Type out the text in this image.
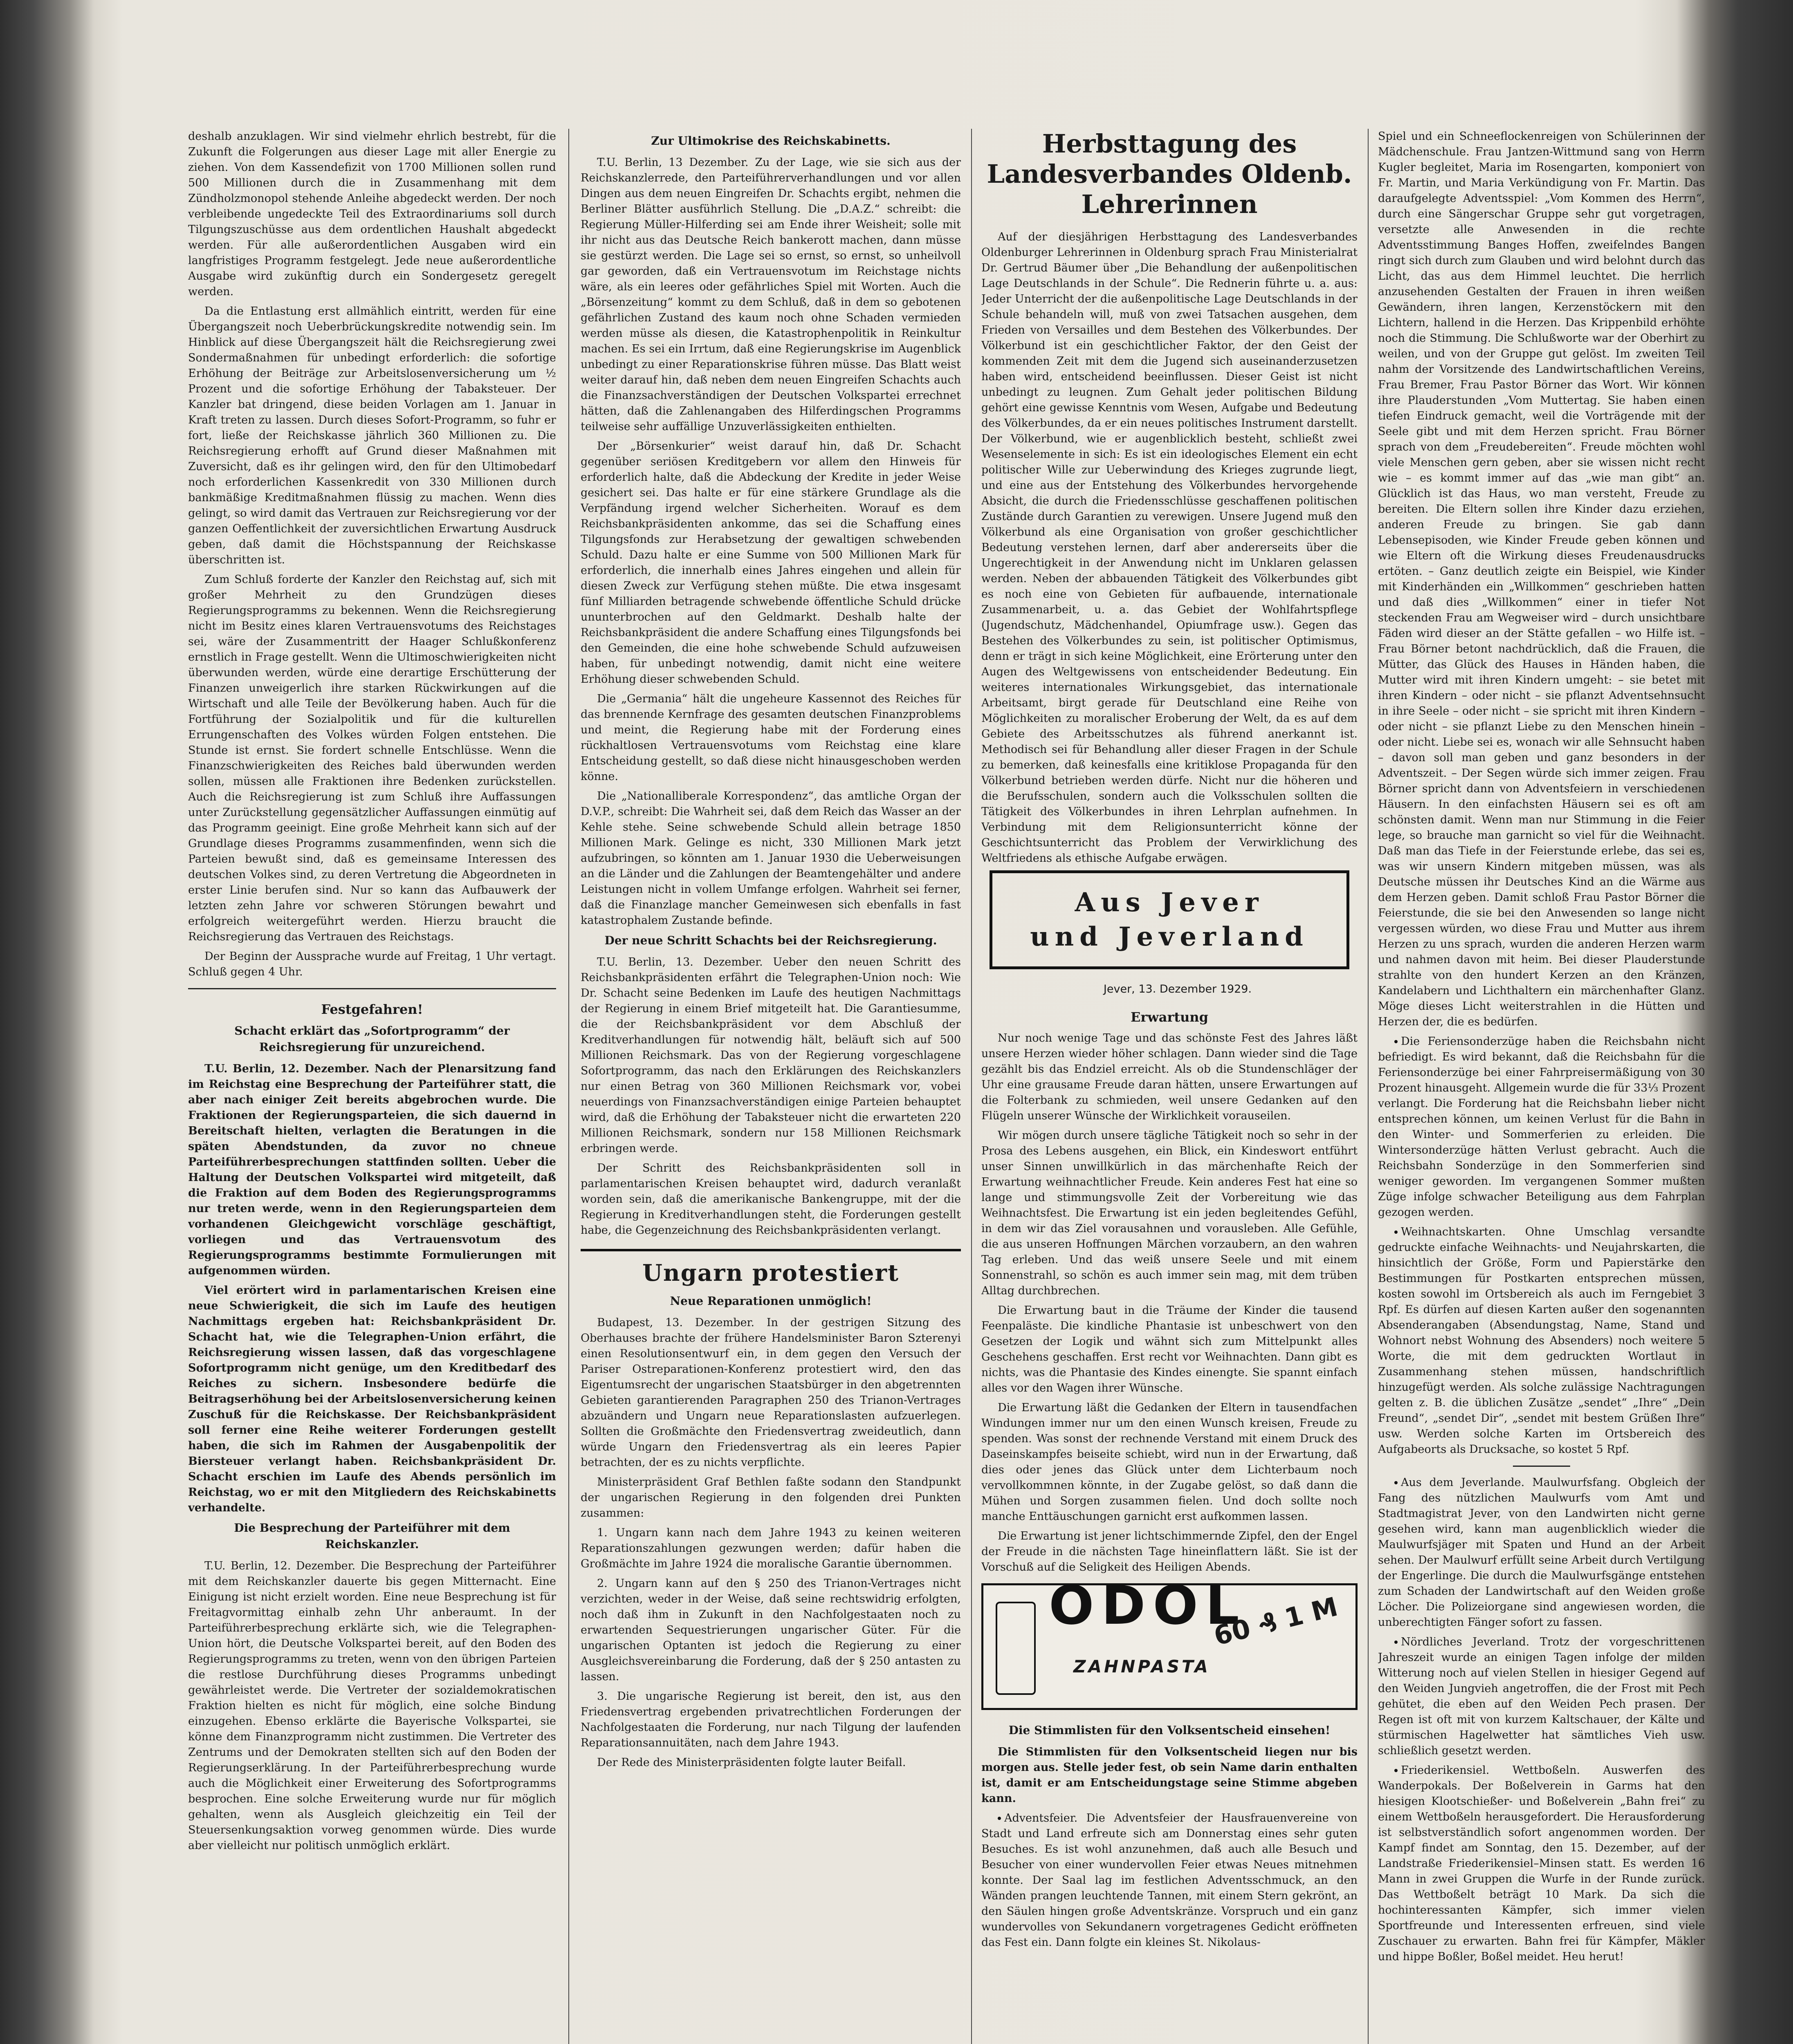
deshalb anzuklagen. Wir sind vielmehr ehrlich bestrebt, für die Zukunft die Folgerungen aus dieser Lage mit aller Energie zu ziehen. Von dem Kassendefizit von 1700 Millionen sollen rund 500 Millionen durch die in Zusammenhang mit dem Zündholzmonopol stehende Anleihe abgedeckt werden. Der noch verbleibende ungedeckte Teil des Extraordinariums soll durch Tilgungszuschüsse aus dem ordentlichen Haushalt abgedeckt werden. Für alle außerordentlichen Ausgaben wird ein langfristiges Programm festgelegt. Jede neue außerordentliche Ausgabe wird zukünftig durch ein Sondergesetz geregelt werden.

Da die Entlastung erst allmählich eintritt, werden für eine Übergangszeit noch Ueberbrückungskredite notwendig sein. Im Hinblick auf diese Übergangszeit hält die Reichsregierung zwei Sondermaßnahmen für unbedingt erforderlich: die sofortige Erhöhung der Beiträge zur Arbeitslosenversicherung um ½ Prozent und die sofortige Erhöhung der Tabaksteuer. Der Kanzler bat dringend, diese beiden Vorlagen am 1. Januar in Kraft treten zu lassen. Durch dieses Sofort-Programm, so fuhr er fort, ließe der Reichskasse jährlich 360 Millionen zu. Die Reichsregierung erhofft auf Grund dieser Maßnahmen mit Zuversicht, daß es ihr gelingen wird, den für den Ultimobedarf noch erforderlichen Kassenkredit von 330 Millionen durch bankmäßige Kreditmaßnahmen flüssig zu machen. Wenn dies gelingt, so wird damit das Vertrauen zur Reichsregierung vor der ganzen Oeffentlichkeit der zuversichtlichen Erwartung Ausdruck geben, daß damit die Höchstspannung der Reichskasse überschritten ist.

Zum Schluß forderte der Kanzler den Reichstag auf, sich mit großer Mehrheit zu den Grundzügen dieses Regierungsprogramms zu bekennen. Wenn die Reichsregierung nicht im Besitz eines klaren Vertrauensvotums des Reichstages sei, wäre der Zusammentritt der Haager Schlußkonferenz ernstlich in Frage gestellt. Wenn die Ultimoschwierigkeiten nicht überwunden werden, würde eine derartige Erschütterung der Finanzen unweigerlich ihre starken Rückwirkungen auf die Wirtschaft und alle Teile der Bevölkerung haben. Auch für die Fortführung der Sozialpolitik und für die kulturellen Errungenschaften des Volkes würden Folgen entstehen. Die Stunde ist ernst. Sie fordert schnelle Entschlüsse. Wenn die Finanzschwierigkeiten des Reiches bald überwunden werden sollen, müssen alle Fraktionen ihre Bedenken zurückstellen. Auch die Reichsregierung ist zum Schluß ihre Auffassungen unter Zurückstellung gegensätzlicher Auffassungen einmütig auf das Programm geeinigt. Eine große Mehrheit kann sich auf der Grundlage dieses Programms zusammenfinden, wenn sich die Parteien bewußt sind, daß es gemeinsame Interessen des deutschen Volkes sind, zu deren Vertretung die Abgeordneten in erster Linie berufen sind. Nur so kann das Aufbauwerk der letzten zehn Jahre vor schweren Störungen bewahrt und erfolgreich weitergeführt werden. Hierzu braucht die Reichsregierung das Vertrauen des Reichstags.

Der Beginn der Aussprache wurde auf Freitag, 1 Uhr vertagt. Schluß gegen 4 Uhr.

Festgefahren!
Schacht erklärt das „Sofortprogramm“ der Reichsregierung für unzureichend.

T.U. Berlin, 12. Dezember. Nach der Plenarsitzung fand im Reichstag eine Besprechung der Parteiführer statt, die aber nach einiger Zeit bereits abgebrochen wurde. Die Fraktionen der Regierungsparteien, die sich dauernd in Bereitschaft hielten, verlagten die Beratungen in die späten Abendstunden, da zuvor no chneue Parteiführerbesprechungen stattfinden sollten. Ueber die Haltung der Deutschen Volkspartei wird mitgeteilt, daß die Fraktion auf dem Boden des Regierungsprogramms nur treten werde, wenn in den Regierungsparteien dem vorhandenen Gleichgewicht vorschläge geschäftigt, vorliegen und das Vertrauensvotum des Regierungsprogramms bestimmte Formulierungen mit aufgenommen würden.

Viel erörtert wird in parlamentarischen Kreisen eine neue Schwierigkeit, die sich im Laufe des heutigen Nachmittags ergeben hat: Reichsbankpräsident Dr. Schacht hat, wie die Telegraphen-Union erfährt, die Reichsregierung wissen lassen, daß das vorgeschlagene Sofortprogramm nicht genüge, um den Kreditbedarf des Reiches zu sichern. Insbesondere bedürfe die Beitragserhöhung bei der Arbeitslosenversicherung keinen Zuschuß für die Reichskasse. Der Reichsbankpräsident soll ferner eine Reihe weiterer Forderungen gestellt haben, die sich im Rahmen der Ausgabenpolitik der Biersteuer verlangt haben. Reichsbankpräsident Dr. Schacht erschien im Laufe des Abends persönlich im Reichstag, wo er mit den Mitgliedern des Reichskabinetts verhandelte.

Die Besprechung der Parteiführer mit dem Reichskanzler.

T.U. Berlin, 12. Dezember. Die Besprechung der Parteiführer mit dem Reichskanzler dauerte bis gegen Mitternacht. Eine Einigung ist nicht erzielt worden. Eine neue Besprechung ist für Freitagvormittag einhalb zehn Uhr anberaumt. In der Parteiführerbesprechung erklärte sich, wie die Telegraphen-Union hört, die Deutsche Volkspartei bereit, auf den Boden des Regierungsprogramms zu treten, wenn von den übrigen Parteien die restlose Durchführung dieses Programms unbedingt gewährleistet werde. Die Vertreter der sozialdemokratischen Fraktion hielten es nicht für möglich, eine solche Bindung einzugehen. Ebenso erklärte die Bayerische Volkspartei, sie könne dem Finanzprogramm nicht zustimmen. Die Vertreter des Zentrums und der Demokraten stellten sich auf den Boden der Regierungserklärung. In der Parteiführerbesprechung wurde auch die Möglichkeit einer Erweiterung des Sofortprogramms besprochen. Eine solche Erweiterung wurde nur für möglich gehalten, wenn als Ausgleich gleichzeitig ein Teil der Steuersenkungsaktion vorweg genommen würde. Dies wurde aber vielleicht nur politisch unmöglich erklärt.

Zur Ultimokrise des Reichskabinetts.

T.U. Berlin, 13 Dezember. Zu der Lage, wie sie sich aus der Reichskanzlerrede, den Parteiführerverhandlungen und vor allen Dingen aus dem neuen Eingreifen Dr. Schachts ergibt, nehmen die Berliner Blätter ausführlich Stellung. Die „D.A.Z.“ schreibt: die Regierung Müller-Hilferding sei am Ende ihrer Weisheit; solle mit ihr nicht aus das Deutsche Reich bankerott machen, dann müsse sie gestürzt werden. Die Lage sei so ernst, so ernst, so unheilvoll gar geworden, daß ein Vertrauensvotum im Reichstage nichts wäre, als ein leeres oder gefährliches Spiel mit Worten. Auch die „Börsenzeitung“ kommt zu dem Schluß, daß in dem so gebotenen gefährlichen Zustand des kaum noch ohne Schaden vermieden werden müsse als diesen, die Katastrophenpolitik in Reinkultur machen. Es sei ein Irrtum, daß eine Regierungskrise im Augenblick unbedingt zu einer Reparationskrise führen müsse. Das Blatt weist weiter darauf hin, daß neben dem neuen Eingreifen Schachts auch die Finanzsachverständigen der Deutschen Volkspartei errechnet hätten, daß die Zahlenangaben des Hilferdingschen Programms teilweise sehr auffällige Unzuverlässigkeiten enthielten.

Der „Börsenkurier“ weist darauf hin, daß Dr. Schacht gegenüber seriösen Kreditgebern vor allem den Hinweis für erforderlich halte, daß die Abdeckung der Kredite in jeder Weise gesichert sei. Das halte er für eine stärkere Grundlage als die Verpfändung irgend welcher Sicherheiten. Worauf es dem Reichsbankpräsidenten ankomme, das sei die Schaffung eines Tilgungsfonds zur Herabsetzung der gewaltigen schwebenden Schuld. Dazu halte er eine Summe von 500 Millionen Mark für erforderlich, die innerhalb eines Jahres eingehen und allein für diesen Zweck zur Verfügung stehen müßte. Die etwa insgesamt fünf Milliarden betragende schwebende öffentliche Schuld drücke ununterbrochen auf den Geldmarkt. Deshalb halte der Reichsbankpräsident die andere Schaffung eines Tilgungsfonds bei den Gemeinden, die eine hohe schwebende Schuld aufzuweisen haben, für unbedingt notwendig, damit nicht eine weitere Erhöhung dieser schwebenden Schuld.

Die „Germania“ hält die ungeheure Kassennot des Reiches für das brennende Kernfrage des gesamten deutschen Finanzproblems und meint, die Regierung habe mit der Forderung eines rückhaltlosen Vertrauensvotums vom Reichstag eine klare Entscheidung gestellt, so daß diese nicht hinausgeschoben werden könne.

Die „Nationalliberale Korrespondenz“, das amtliche Organ der D.V.P., schreibt: Die Wahrheit sei, daß dem Reich das Wasser an der Kehle stehe. Seine schwebende Schuld allein betrage 1850 Millionen Mark. Gelinge es nicht, 330 Millionen Mark jetzt aufzubringen, so könnten am 1. Januar 1930 die Ueberweisungen an die Länder und die Zahlungen der Beamtengehälter und andere Leistungen nicht in vollem Umfange erfolgen. Wahrheit sei ferner, daß die Finanzlage mancher Gemeinwesen sich ebenfalls in fast katastrophalem Zustande befinde.

Der neue Schritt Schachts bei der Reichsregierung.

T.U. Berlin, 13. Dezember. Ueber den neuen Schritt des Reichsbankpräsidenten erfährt die Telegraphen-Union noch: Wie Dr. Schacht seine Bedenken im Laufe des heutigen Nachmittags der Regierung in einem Brief mitgeteilt hat. Die Garantiesumme, die der Reichsbankpräsident vor dem Abschluß der Kreditverhandlungen für notwendig hält, beläuft sich auf 500 Millionen Reichsmark. Das von der Regierung vorgeschlagene Sofortprogramm, das nach den Erklärungen des Reichskanzlers nur einen Betrag von 360 Millionen Reichsmark vor, vobei neuerdings von Finanzsachverständigen einige Parteien behauptet wird, daß die Erhöhung der Tabaksteuer nicht die erwarteten 220 Millionen Reichsmark, sondern nur 158 Millionen Reichsmark erbringen werde.

Der Schritt des Reichsbankpräsidenten soll in parlamentarischen Kreisen behauptet wird, dadurch veranlaßt worden sein, daß die amerikanische Bankengruppe, mit der die Regierung in Kreditverhandlungen steht, die Forderungen gestellt habe, die Gegenzeichnung des Reichsbankpräsidenten verlangt.

Ungarn protestiert
Neue Reparationen unmöglich!

Budapest, 13. Dezember. In der gestrigen Sitzung des Oberhauses brachte der frühere Handelsminister Baron Szterenyi einen Resolutionsentwurf ein, in dem gegen den Versuch der Pariser Ostreparationen-Konferenz protestiert wird, den das Eigentumsrecht der ungarischen Staatsbürger in den abgetrennten Gebieten garantierenden Paragraphen 250 des Trianon-Vertrages abzuändern und Ungarn neue Reparationslasten aufzuerlegen. Sollten die Großmächte den Friedensvertrag zweideutlich, dann würde Ungarn den Friedensvertrag als ein leeres Papier betrachten, der es zu nichts verpflichte.

Ministerpräsident Graf Bethlen faßte sodann den Standpunkt der ungarischen Regierung in den folgenden drei Punkten zusammen:

1. Ungarn kann nach dem Jahre 1943 zu keinen weiteren Reparationszahlungen gezwungen werden; dafür haben die Großmächte im Jahre 1924 die moralische Garantie übernommen.

2. Ungarn kann auf den § 250 des Trianon-Vertrages nicht verzichten, weder in der Weise, daß seine rechtswidrig erfolgten, noch daß ihm in Zukunft in den Nachfolgestaaten noch zu erwartenden Sequestrierungen ungarischer Güter. Für die ungarischen Optanten ist jedoch die Regierung zu einer Ausgleichsvereinbarung die Forderung, daß der § 250 antasten zu lassen.

3. Die ungarische Regierung ist bereit, den ist, aus den Friedensvertrag ergebenden privatrechtlichen Forderungen der Nachfolgestaaten die Forderung, nur nach Tilgung der laufenden Reparationsannuitäten, nach dem Jahre 1943.

Der Rede des Ministerpräsidenten folgte lauter Beifall.

Herbsttagung des Landesverbandes Oldenb. Lehrerinnen

Auf der diesjährigen Herbsttagung des Landesverbandes Oldenburger Lehrerinnen in Oldenburg sprach Frau Ministerialrat Dr. Gertrud Bäumer über „Die Behandlung der außenpolitischen Lage Deutschlands in der Schule“. Die Rednerin führte u. a. aus: Jeder Unterricht der die außenpolitische Lage Deutschlands in der Schule behandeln will, muß von zwei Tatsachen ausgehen, dem Frieden von Versailles und dem Bestehen des Völkerbundes. Der Völkerbund ist ein geschichtlicher Faktor, der den Geist der kommenden Zeit mit dem die Jugend sich auseinanderzusetzen haben wird, entscheidend beeinflussen. Dieser Geist ist nicht unbedingt zu leugnen. Zum Gehalt jeder politischen Bildung gehört eine gewisse Kenntnis vom Wesen, Aufgabe und Bedeutung des Völkerbundes, da er ein neues politisches Instrument darstellt. Der Völkerbund, wie er augenblicklich besteht, schließt zwei Wesenselemente in sich: Es ist ein ideologisches Element ein echt politischer Wille zur Ueberwindung des Krieges zugrunde liegt, und eine aus der Entstehung des Völkerbundes hervorgehende Absicht, die durch die Friedensschlüsse geschaffenen politischen Zustände durch Garantien zu verewigen. Unsere Jugend muß den Völkerbund als eine Organisation von großer geschichtlicher Bedeutung verstehen lernen, darf aber andererseits über die Ungerechtigkeit in der Anwendung nicht im Unklaren gelassen werden. Neben der abbauenden Tätigkeit des Völkerbundes gibt es noch eine von Gebieten für aufbauende, internationale Zusammenarbeit, u. a. das Gebiet der Wohlfahrtspflege (Jugendschutz, Mädchenhandel, Opiumfrage usw.). Gegen das Bestehen des Völkerbundes zu sein, ist politischer Optimismus, denn er trägt in sich keine Möglichkeit, eine Erörterung unter den Augen des Weltgewissens von entscheidender Bedeutung. Ein weiteres internationales Wirkungsgebiet, das internationale Arbeitsamt, birgt gerade für Deutschland eine Reihe von Möglichkeiten zu moralischer Eroberung der Welt, da es auf dem Gebiete des Arbeitsschutzes als führend anerkannt ist. Methodisch sei für Behandlung aller dieser Fragen in der Schule zu bemerken, daß keinesfalls eine kritiklose Propaganda für den Völkerbund betrieben werden dürfe. Nicht nur die höheren und die Berufsschulen, sondern auch die Volksschulen sollten die Tätigkeit des Völkerbundes in ihren Lehrplan aufnehmen. In Verbindung mit dem Religionsunterricht könne der Geschichtsunterricht das Problem der Verwirklichung des Weltfriedens als ethische Aufgabe erwägen.

Aus Jever
und Jeverland

Jever, 13. Dezember 1929.

Erwartung

Nur noch wenige Tage und das schönste Fest des Jahres läßt unsere Herzen wieder höher schlagen. Dann wieder sind die Tage gezählt bis das Endziel erreicht. Als ob die Stundenschläger der Uhr eine grausame Freude daran hätten, unsere Erwartungen auf die Folterbank zu schmieden, weil unsere Gedanken auf den Flügeln unserer Wünsche der Wirklichkeit vorauseilen.

Wir mögen durch unsere tägliche Tätigkeit noch so sehr in der Prosa des Lebens ausgehen, ein Blick, ein Kindeswort entführt unser Sinnen unwillkürlich in das märchenhafte Reich der Erwartung weihnachtlicher Freude. Kein anderes Fest hat eine so lange und stimmungsvolle Zeit der Vorbereitung wie das Weihnachtsfest. Die Erwartung ist ein jeden begleitendes Gefühl, in dem wir das Ziel vorausahnen und vorausleben. Alle Gefühle, die aus unseren Hoffnungen Märchen vorzaubern, an den wahren Tag erleben. Und das weiß unsere Seele und mit einem Sonnenstrahl, so schön es auch immer sein mag, mit dem trüben Alltag durchbrechen.

Die Erwartung baut in die Träume der Kinder die tausend Feenpaläste. Die kindliche Phantasie ist unbeschwert von den Gesetzen der Logik und wähnt sich zum Mittelpunkt alles Geschehens geschaffen. Erst recht vor Weihnachten. Dann gibt es nichts, was die Phantasie des Kindes einengte. Sie spannt einfach alles vor den Wagen ihrer Wünsche.

Die Erwartung läßt die Gedanken der Eltern in tausendfachen Windungen immer nur um den einen Wunsch kreisen, Freude zu spenden. Was sonst der rechnende Verstand mit einem Druck des Daseinskampfes beiseite schiebt, wird nun in der Erwartung, daß dies oder jenes das Glück unter dem Lichterbaum noch vervollkommnen könnte, in der Zugabe gelöst, so daß dann die Mühen und Sorgen zusammen fielen. Und doch sollte noch manche Enttäuschungen garnicht erst aufkommen lassen.

Die Erwartung ist jener lichtschimmernde Zipfel, den der Engel der Freude in die nächsten Tage hineinflattern läßt. Sie ist der Vorschuß auf die Seligkeit des Heiligen Abends.

ODOL
ZAHNPASTA
60 ₰ 1 M
Die Stimmlisten für den Volksentscheid einsehen!

Die Stimmlisten für den Volksentscheid liegen nur bis morgen aus. Stelle jeder fest, ob sein Name darin enthalten ist, damit er am Entscheidungstage seine Stimme abgeben kann.

Adventsfeier. Die Adventsfeier der Hausfrauenvereine von Stadt und Land erfreute sich am Donnerstag eines sehr guten Besuches. Es ist wohl anzunehmen, daß auch alle Besuch und Besucher von einer wundervollen Feier etwas Neues mitnehmen konnte. Der Saal lag im festlichen Adventsschmuck, an den Wänden prangen leuchtende Tannen, mit einem Stern gekrönt, an den Säulen hingen große Adventskränze. Vorspruch und ein ganz wundervolles von Sekundanern vorgetragenes Gedicht eröffneten das Fest ein. Dann folgte ein kleines St. Nikolaus-

Spiel und ein Schneeflockenreigen von Schülerinnen der Mädchenschule. Frau Jantzen-Wittmund sang von Herrn Kugler begleitet, Maria im Rosengarten, komponiert von Fr. Martin, und Maria Verkündigung von Fr. Martin. Das daraufgelegte Adventsspiel: „Vom Kommen des Herrn“, durch eine Sängerschar Gruppe sehr gut vorgetragen, versetzte alle Anwesenden in die rechte Adventsstimmung Banges Hoffen, zweifelndes Bangen ringt sich durch zum Glauben und wird belohnt durch das Licht, das aus dem Himmel leuchtet. Die herrlich anzusehenden Gestalten der Frauen in ihren weißen Gewändern, ihren langen, Kerzenstöckern mit den Lichtern, hallend in die Herzen. Das Krippenbild erhöhte noch die Stimmung. Die Schlußworte war der Oberhirt zu weilen, und von der Gruppe gut gelöst. Im zweiten Teil nahm der Vorsitzende des Landwirtschaftlichen Vereins, Frau Bremer, Frau Pastor Börner das Wort. Wir können ihre Plauderstunden „Vom Muttertag. Sie haben einen tiefen Eindruck gemacht, weil die Vorträgende mit der Seele gibt und mit dem Herzen spricht. Frau Börner sprach von dem „Freudebereiten“. Freude möchten wohl viele Menschen gern geben, aber sie wissen nicht recht wie – es kommt immer auf das „wie man gibt“ an. Glücklich ist das Haus, wo man versteht, Freude zu bereiten. Die Eltern sollen ihre Kinder dazu erziehen, anderen Freude zu bringen. Sie gab dann Lebensepisoden, wie Kinder Freude geben können und wie Eltern oft die Wirkung dieses Freudenausdrucks ertöten. – Ganz deutlich zeigte ein Beispiel, wie Kinder mit Kinderhänden ein „Willkommen“ geschrieben hatten und daß dies „Willkommen“ einer in tiefer Not steckenden Frau am Wegweiser wird – durch unsichtbare Fäden wird dieser an der Stätte gefallen – wo Hilfe ist. – Frau Börner betont nachdrücklich, daß die Frauen, die Mütter, das Glück des Hauses in Händen haben, die Mutter wird mit ihren Kindern umgeht: – sie betet mit ihren Kindern – oder nicht – sie pflanzt Adventsehnsucht in ihre Seele – oder nicht – sie spricht mit ihren Kindern – oder nicht – sie pflanzt Liebe zu den Menschen hinein – oder nicht. Liebe sei es, wonach wir alle Sehnsucht haben – davon soll man geben und ganz besonders in der Adventszeit. – Der Segen würde sich immer zeigen. Frau Börner spricht dann von Adventsfeiern in verschiedenen Häusern. In den einfachsten Häusern sei es oft am schönsten damit. Wenn man nur Stimmung in die Feier lege, so brauche man garnicht so viel für die Weihnacht. Daß man das Tiefe in der Feierstunde erlebe, das sei es, was wir unsern Kindern mitgeben müssen, was als Deutsche müssen ihr Deutsches Kind an die Wärme aus dem Herzen geben. Damit schloß Frau Pastor Börner die Feierstunde, die sie bei den Anwesenden so lange nicht vergessen würden, wo diese Frau und Mutter aus ihrem Herzen zu uns sprach, wurden die anderen Herzen warm und nahmen davon mit heim. Bei dieser Plauderstunde strahlte von den hundert Kerzen an den Kränzen, Kandelabern und Lichthaltern ein märchenhafter Glanz. Möge dieses Licht weiterstrahlen in die Hütten und Herzen der, die es bedürfen.

Die Feriensonderzüge haben die Reichsbahn nicht befriedigt. Es wird bekannt, daß die Reichsbahn für die Feriensonderzüge bei einer Fahrpreisermäßigung von 30 Prozent hinausgeht. Allgemein wurde die für 33⅓ Prozent verlangt. Die Forderung hat die Reichsbahn lieber nicht entsprechen können, um keinen Verlust für die Bahn in den Winter- und Sommerferien zu erleiden. Die Wintersonderzüge hätten Verlust gebracht. Auch die Reichsbahn Sonderzüge in den Sommerferien sind weniger geworden. Im vergangenen Sommer mußten Züge infolge schwacher Beteiligung aus dem Fahrplan gezogen werden.

Weihnachtskarten. Ohne Umschlag versandte gedruckte einfache Weihnachts- und Neujahrskarten, die hinsichtlich der Größe, Form und Papierstärke den Bestimmungen für Postkarten entsprechen müssen, kosten sowohl im Ortsbereich als auch im Ferngebiet 3 Rpf. Es dürfen auf diesen Karten außer den sogenannten Absenderangaben (Absendungstag, Name, Stand und Wohnort nebst Wohnung des Absenders) noch weitere 5 Worte, die mit dem gedruckten Wortlaut in Zusammenhang stehen müssen, handschriftlich hinzugefügt werden. Als solche zulässige Nachtragungen gelten z. B. die üblichen Zusätze „sendet“ „Ihre“ „Dein Freund“, „sendet Dir“, „sendet mit bestem Grüßen Ihre“ usw. Werden solche Karten im Ortsbereich des Aufgabeorts als Drucksache, so kostet 5 Rpf.

Aus dem Jeverlande. Maulwurfsfang. Obgleich der Fang des nützlichen Maulwurfs vom Amt und Stadtmagistrat Jever, von den Landwirten nicht gerne gesehen wird, kann man augenblicklich wieder die Maulwurfsjäger mit Spaten und Hund an der Arbeit sehen. Der Maulwurf erfüllt seine Arbeit durch Vertilgung der Engerlinge. Die durch die Maulwurfsgänge entstehen zum Schaden der Landwirtschaft auf den Weiden große Löcher. Die Polizeiorgane sind angewiesen worden, die unberechtigten Fänger sofort zu fassen.

Nördliches Jeverland. Trotz der vorgeschrittenen Jahreszeit wurde an einigen Tagen infolge der milden Witterung noch auf vielen Stellen in hiesiger Gegend auf den Weiden Jungvieh angetroffen, die der Frost mit Pech gehütet, die eben auf den Weiden Pech prasen. Der Regen ist oft mit von kurzem Kaltschauer, der Kälte und stürmischen Hagelwetter hat sämtliches Vieh usw. schließlich gesetzt werden.

Friederikensiel. Wettboßeln. Auswerfen des Wanderpokals. Der Boßelverein in Garms hat den hiesigen Klootschießer- und Boßelverein „Bahn frei“ zu einem Wettboßeln herausgefordert. Die Herausforderung ist selbstverständlich sofort angenommen worden. Der Kampf findet am Sonntag, den 15. Dezember, auf der Landstraße Friederikensiel–Minsen statt. Es werden 16 Mann in zwei Gruppen die Wurfe in der Runde zurück. Das Wettboßelt beträgt 10 Mark. Da sich die hochinteressanten Kämpfer, sich immer vielen Sportfreunde und Interessenten erfreuen, sind viele Zuschauer zu erwarten. Bahn frei für Kämpfer, Mäkler und hippe Boßler, Boßel meidet. Heu herut!
